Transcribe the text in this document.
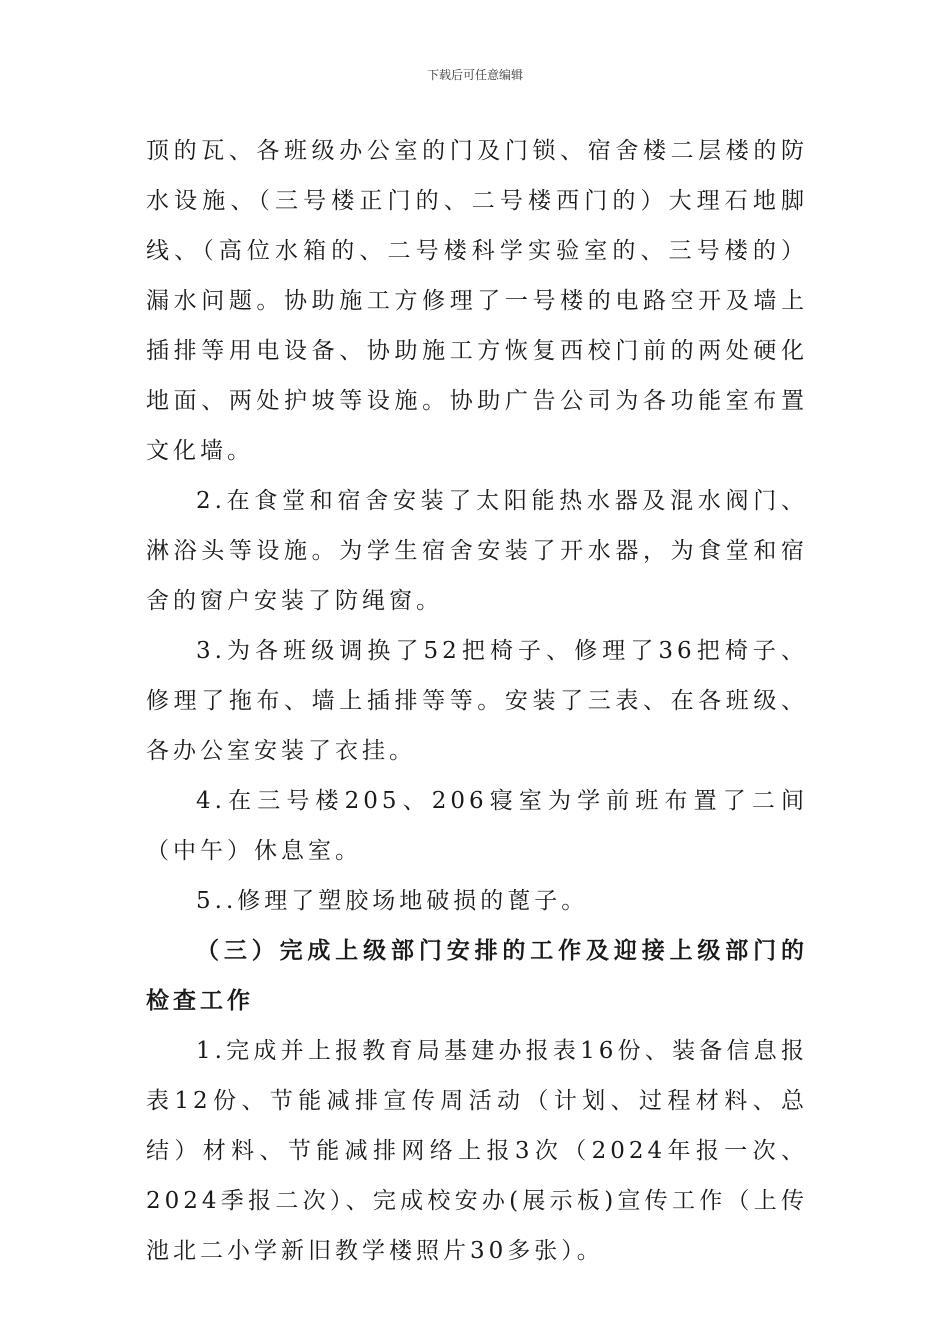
下载后可任意编辑

顶的瓦、各班级办公室的门及门锁、宿舍楼二层楼的防水设施、（三号楼正门的、二号楼西门的）大理石地脚线、（高位水箱的、二号楼科学实验室的、三号楼的）漏水问题。协助施工方修理了一号楼的电路空开及墙上插排等用电设备、协助施工方恢复西校门前的两处硬化地面、两处护坡等设施。协助广告公司为各功能室布置文化墙。

2.在食堂和宿舍安装了太阳能热水器及混水阀门、淋浴头等设施。为学生宿舍安装了开水器，为食堂和宿舍的窗户安装了防绳窗。

3.为各班级调换了52把椅子、修理了36把椅子、修理了拖布、墙上插排等等。安装了三表、在各班级、各办公室安装了衣挂。

4.在三号楼205、206寝室为学前班布置了二间（中午）休息室。

5..修理了塑胶场地破损的蓖子。

（三）完成上级部门安排的工作及迎接上级部门的检查工作

1.完成并上报教育局基建办报表16份、装备信息报表12份、节能减排宣传周活动（计划、过程材料、总结）材料、节能减排网络上报3次（2024年报一次、2024季报二次）、完成校安办(展示板)宣传工作（上传池北二小学新旧教学楼照片30多张）。
